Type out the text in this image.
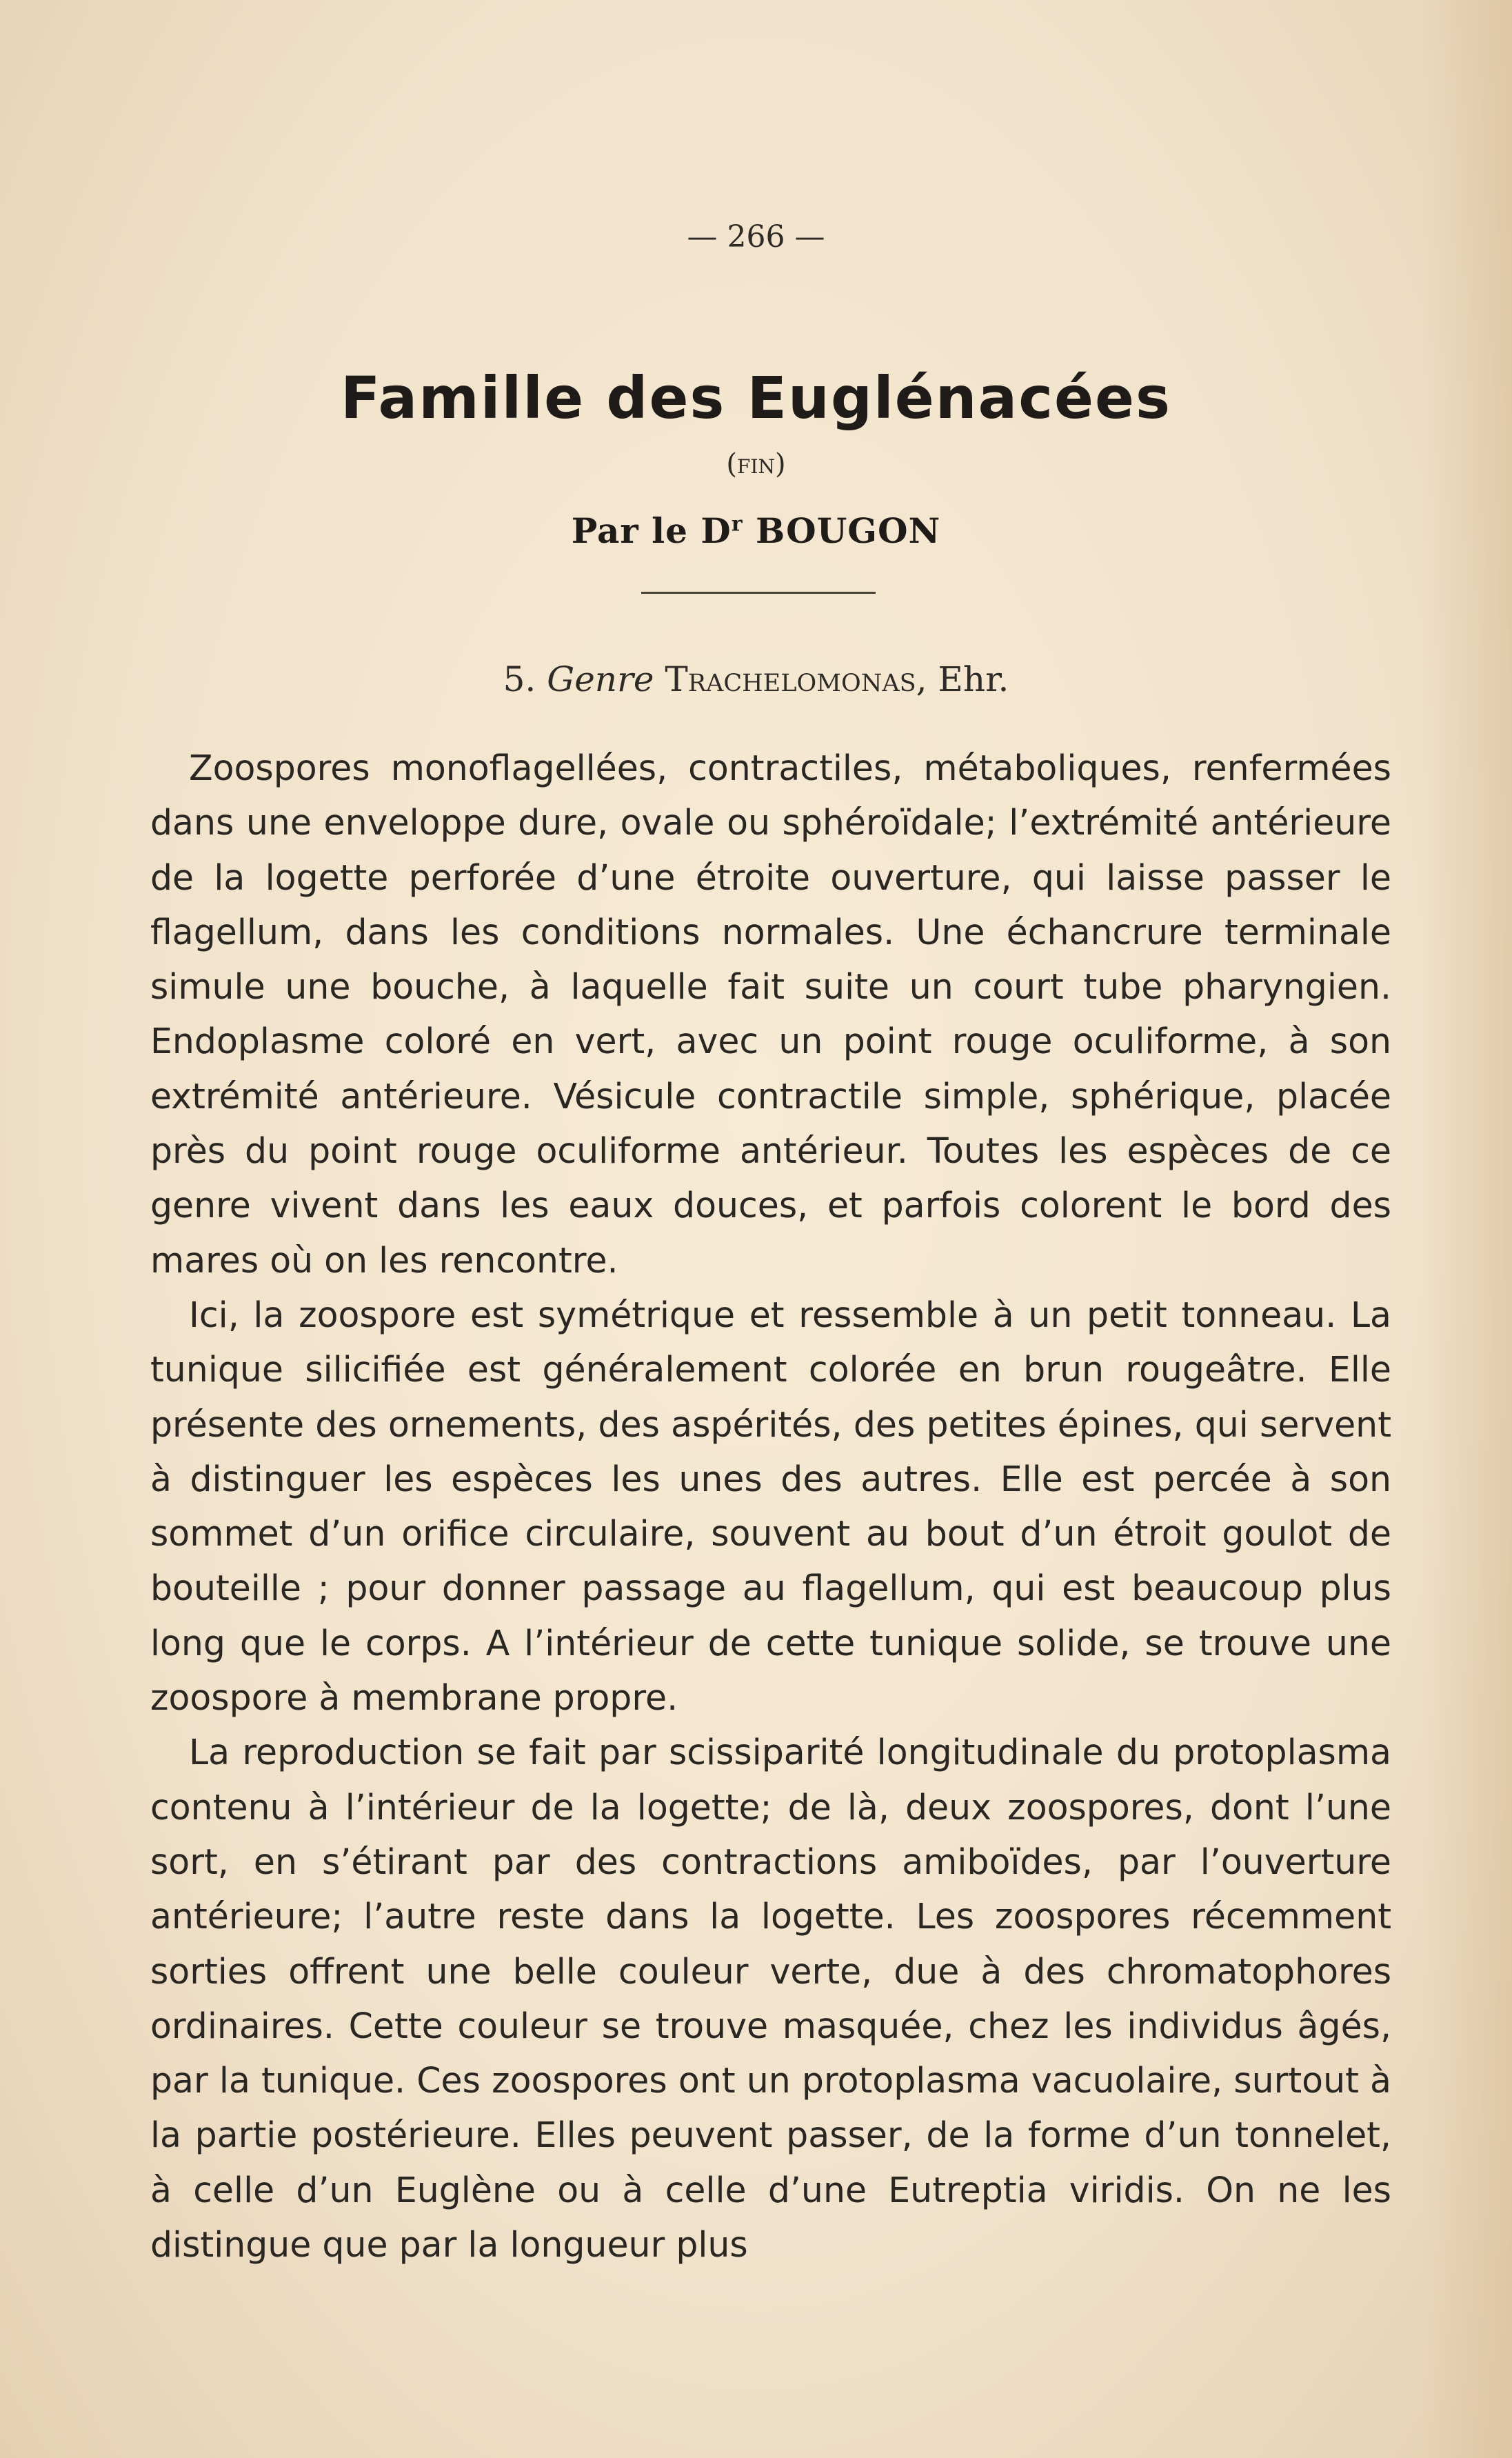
— 266 —
Famille des Euglénacées
(fin)
Par le $D^r$ BOUGON
5. Genre Trachelomonas, Ehr.

Zoospores monoflagellées, contractiles, métaboliques, renfermées dans une enveloppe dure, ovale ou sphéroïdale; l’extrémité antérieure de la logette perforée d’une étroite ouverture, qui laisse passer le flagellum, dans les conditions normales. Une échancrure terminale simule une bouche, à laquelle fait suite un court tube pharyngien. Endoplasme coloré en vert, avec un point rouge oculiforme, à son extrémité antérieure. Vésicule contractile simple, sphérique, placée près du point rouge oculiforme antérieur. Toutes les espèces de ce genre vivent dans les eaux douces, et parfois colorent le bord des mares où on les rencontre.

Ici, la zoospore est symétrique et ressemble à un petit tonneau. La tunique silicifiée est généralement colorée en brun rougeâtre. Elle présente des ornements, des aspérités, des petites épines, qui servent à distinguer les espèces les unes des autres. Elle est percée à son sommet d’un orifice circulaire, souvent au bout d’un étroit goulot de bouteille ; pour donner passage au flagellum, qui est beaucoup plus long que le corps. A l’intérieur de cette tunique solide, se trouve une zoospore à membrane propre.

La reproduction se fait par scissiparité longitudinale du protoplasma contenu à l’intérieur de la logette; de là, deux zoospores, dont l’une sort, en s’étirant par des contractions amiboïdes, par l’ouverture antérieure; l’autre reste dans la logette. Les zoospores récemment sorties offrent une belle couleur verte, due à des chromatophores ordinaires. Cette couleur se trouve masquée, chez les individus âgés, par la tunique. Ces zoospores ont un protoplasma vacuolaire, surtout à la partie postérieure. Elles peuvent passer, de la forme d’un tonnelet, à celle d’un Euglène ou à celle d’une Eutreptia viridis. On ne les distingue que par la longueur plus
